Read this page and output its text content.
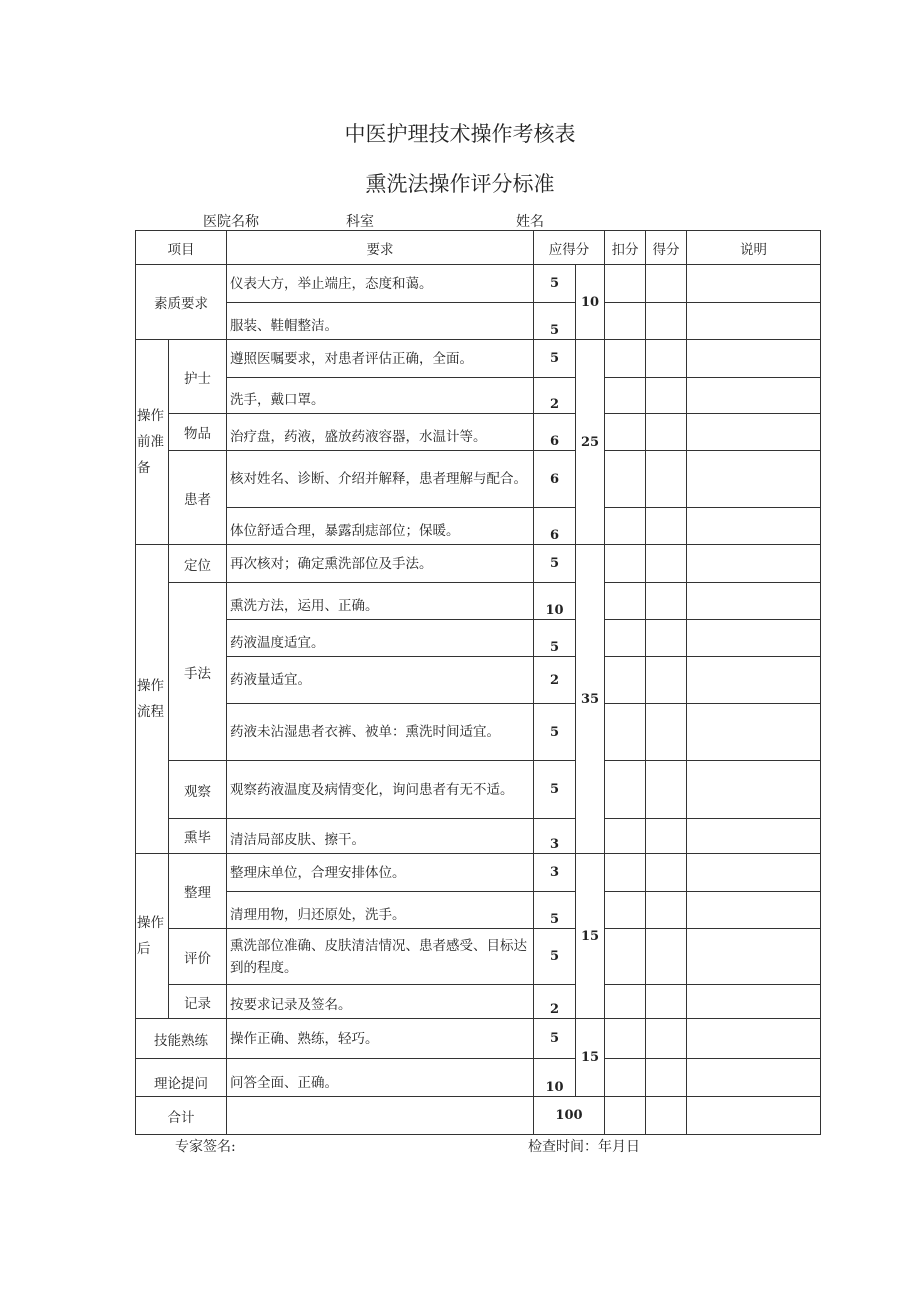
中医护理技术操作考核表
熏洗法操作评分标准
医院名称	科室	姓名
项目		要求	应得分		扣分	得分	说明
素质要求		仪表大方，举止端庄，态度和蔼。	5	10			
		服装、鞋帽整洁。	5				
操作前准备	护士	遵照医嘱要求，对患者评估正确，全面。	5	25			
		洗手，戴口罩。	2				
	物品	治疗盘，药液，盛放药液容器，水温计等。	6				
	患者	核对姓名、诊断、介绍并解释，患者理解与配合。	6				
		体位舒适合理，暴露刮痣部位；保暖。	6				
操作流程	定位	再次核对；确定熏洗部位及手法。	5	35			
	手法	熏洗方法，运用、正确。	10				
		药液温度适宜。	5				
		药液量适宜。	2				
		药液未沾湿患者衣裤、被单：熏洗时间适宜。	5				
	观察	观察药液温度及病情变化，询问患者有无不适。	5				
	熏毕	清洁局部皮肤、擦干。	3				
操作后	整理	整理床单位，合理安排体位。	3	15			
		清理用物，归还原处，洗手。	5				
	评价	熏洗部位准确、皮肤清洁情况、患者感受、目标达到的程度。	5				
	记录	按要求记录及签名。	2				
技能熟练		操作正确、熟练，轻巧。	5	15			
理论提问		问答全面、正确。	10				
合计			100				
专家签名:	检查时间：年月日
